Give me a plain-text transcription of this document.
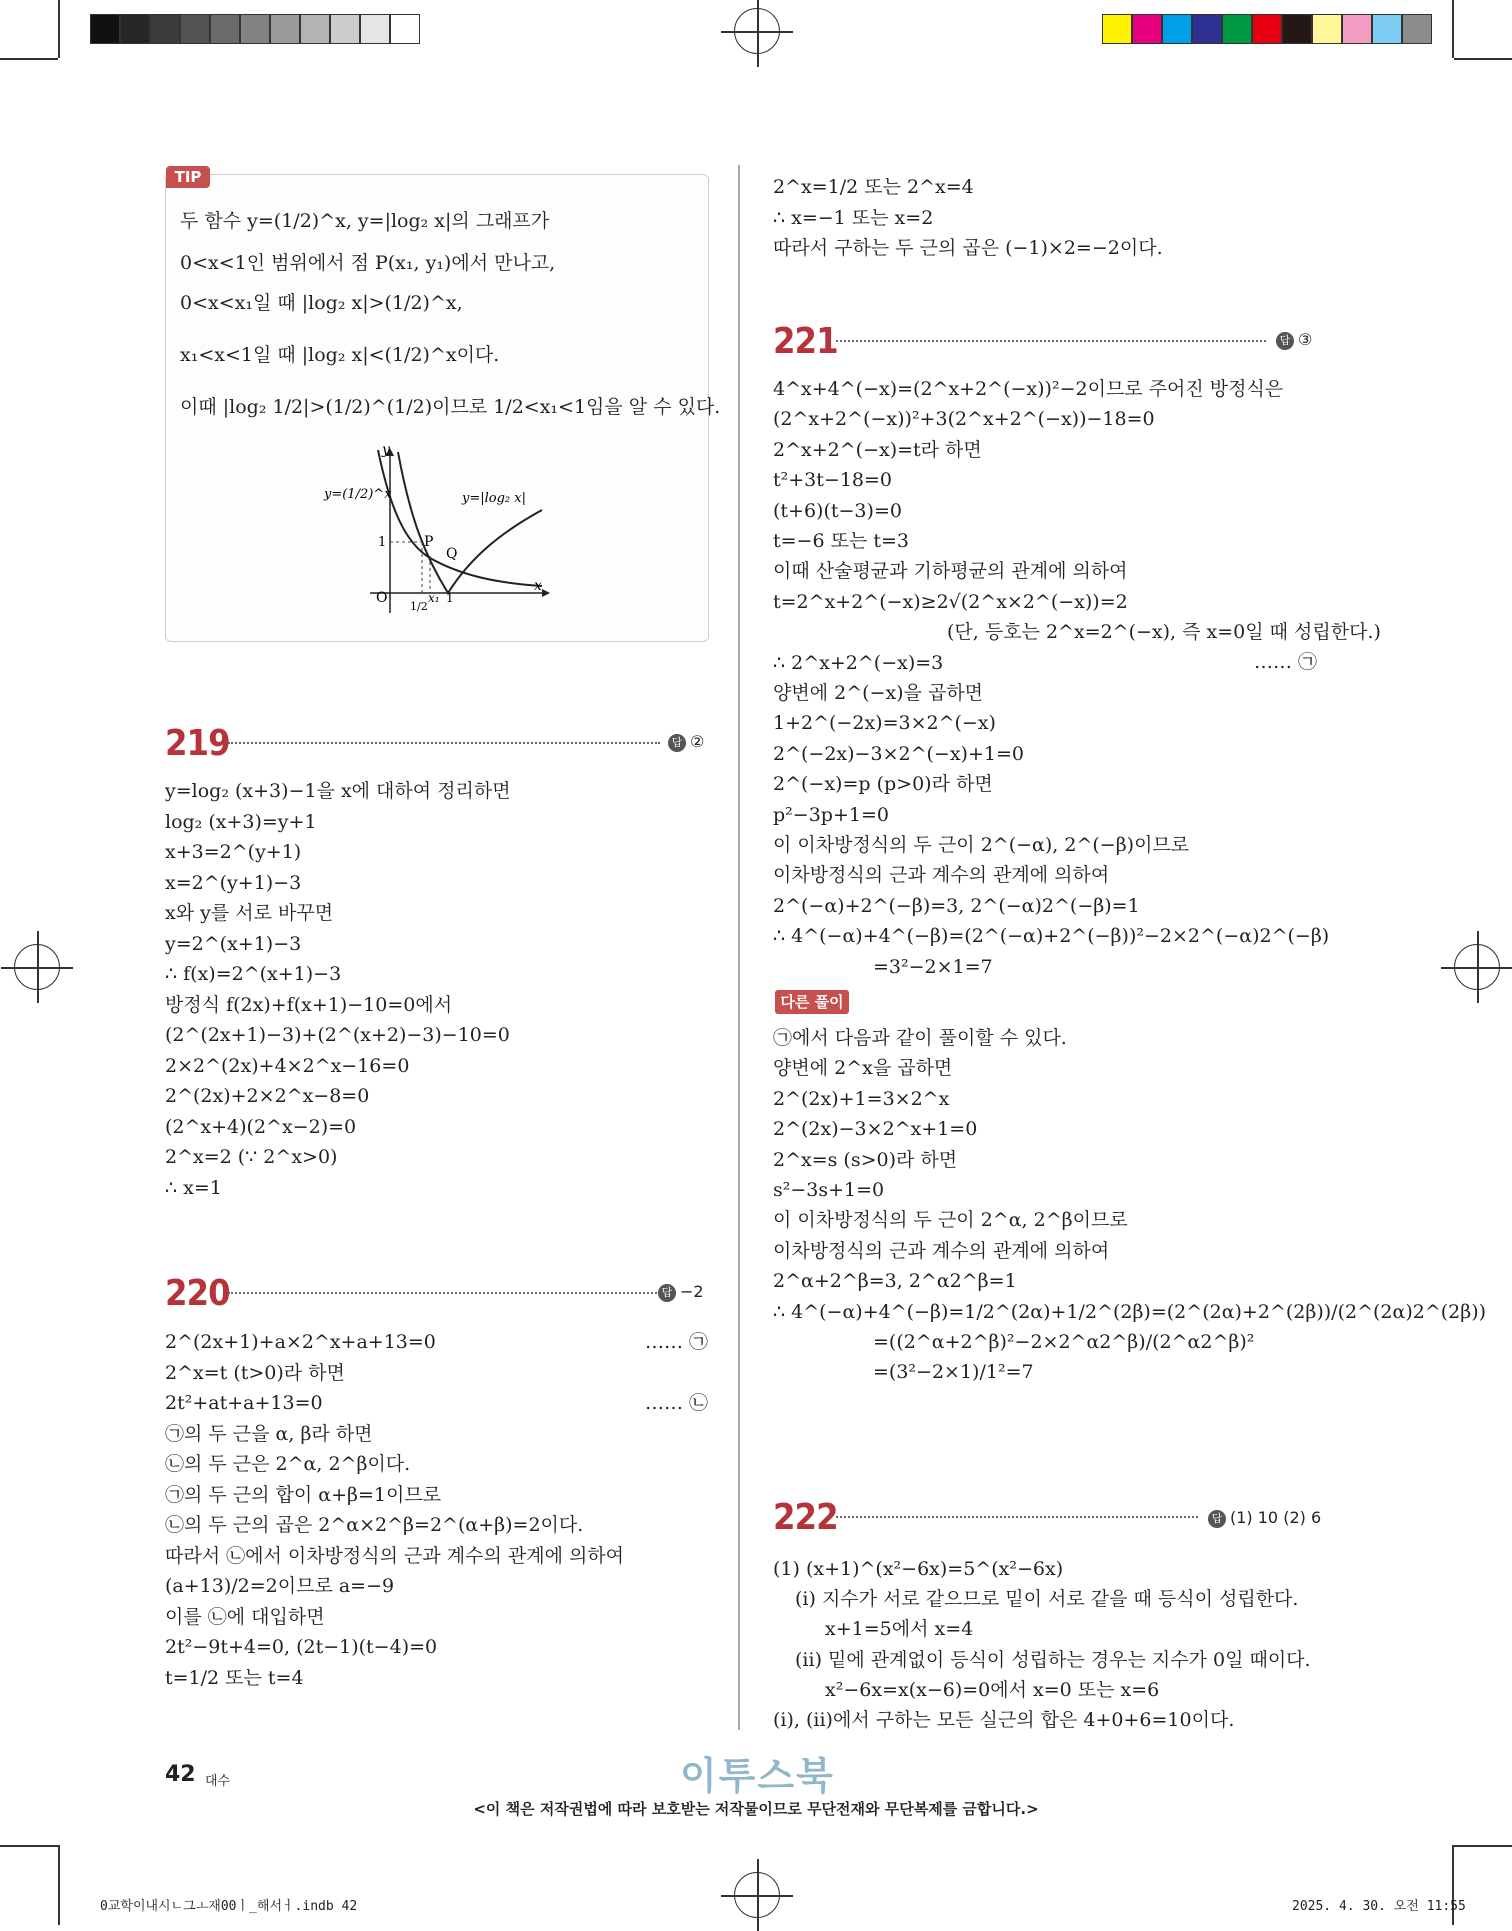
TIP
두 함수 y=(1/2)^x, y=|log₂ x|의 그래프가
0<x<1인 범위에서 점 P(x₁, y₁)에서 만나고,
0<x<x₁일 때 |log₂ x|>(1/2)^x,
x₁<x<1일 때 |log₂ x|<(1/2)^x이다.
이때 |log₂ 1/2|>(1/2)^(1/2)이므로 1/2<x₁<1임을 알 수 있다.
y
x
O
y=(1/2)^x	y=|log₂ x|
P
Q
1
1/2
x₁ 1
219	답 ②
y=log₂ (x+3)−1을 x에 대하여 정리하면
log₂ (x+3)=y+1
x+3=2^(y+1)
x=2^(y+1)−3
x와 y를 서로 바꾸면
y=2^(x+1)−3
∴ f(x)=2^(x+1)−3
방정식 f(2x)+f(x+1)−10=0에서
(2^(2x+1)−3)+(2^(x+2)−3)−10=0
2×2^(2x)+4×2^x−16=0
2^(2x)+2×2^x−8=0
(2^x+4)(2^x−2)=0
2^x=2 (∵ 2^x>0)
∴ x=1
220	답 −2
2^(2x+1)+a×2^x+a+13=0
2^x=t (t>0)라 하면
2t²+at+a+13=0
㉠의 두 근을 α, β라 하면
㉡의 두 근은 2^α, 2^β이다.
㉠의 두 근의 합이 α+β=1이므로
㉡의 두 근의 곱은 2^α×2^β=2^(α+β)=2이다.
따라서 ㉡에서 이차방정식의 근과 계수의 관계에 의하여
(a+13)/2=2이므로 a=−9
이를 ㉡에 대입하면
2t²−9t+4=0, (2t−1)(t−4)=0
t=1/2 또는 t=4
…… ㉠
…… ㉡
2^x=1/2 또는 2^x=4
∴ x=−1 또는 x=2
따라서 구하는 두 근의 곱은 (−1)×2=−2이다.
221	답 ③
4^x+4^(−x)=(2^x+2^(−x))²−2이므로 주어진 방정식은
(2^x+2^(−x))²+3(2^x+2^(−x))−18=0
2^x+2^(−x)=t라 하면
t²+3t−18=0
(t+6)(t−3)=0
t=−6 또는 t=3
이때 산술평균과 기하평균의 관계에 의하여
t=2^x+2^(−x)≥2√(2^x×2^(−x))=2
(단, 등호는 2^x=2^(−x), 즉 x=0일 때 성립한다.)
∴ 2^x+2^(−x)=3
양변에 2^(−x)을 곱하면
1+2^(−2x)=3×2^(−x)
2^(−2x)−3×2^(−x)+1=0
2^(−x)=p (p>0)라 하면
p²−3p+1=0
이 이차방정식의 두 근이 2^(−α), 2^(−β)이므로
이차방정식의 근과 계수의 관계에 의하여
2^(−α)+2^(−β)=3, 2^(−α)2^(−β)=1
∴ 4^(−α)+4^(−β)=(2^(−α)+2^(−β))²−2×2^(−α)2^(−β)
=3²−2×1=7
…… ㉠
다른 풀이
㉠에서 다음과 같이 풀이할 수 있다.
양변에 2^x을 곱하면
2^(2x)+1=3×2^x
2^(2x)−3×2^x+1=0
2^x=s (s>0)라 하면
s²−3s+1=0
이 이차방정식의 두 근이 2^α, 2^β이므로
이차방정식의 근과 계수의 관계에 의하여
2^α+2^β=3, 2^α2^β=1
∴ 4^(−α)+4^(−β)=1/2^(2α)+1/2^(2β)=(2^(2α)+2^(2β))/(2^(2α)2^(2β))
=((2^α+2^β)²−2×2^α2^β)/(2^α2^β)²
=(3²−2×1)/1²=7
222	답 (1) 10 (2) 6
(1) (x+1)^(x²−6x)=5^(x²−6x)
(i) 지수가 서로 같으므로 밑이 서로 같을 때 등식이 성립한다.
x+1=5에서 x=4
(ii) 밑에 관계없이 등식이 성립하는 경우는 지수가 0일 때이다.
x²−6x=x(x−6)=0에서 x=0 또는 x=6
(i), (ii)에서 구하는 모든 실근의 합은 4+0+6=10이다.
42 대수	이투스북
<이 책은 저작권법에 따라 보호받는 저작물이므로 무단전재와 무단복제를 금합니다.>
0교학이내시ㄴ그ㅗ재00ㅣ_해서ㅓ.indb 42	2025. 4. 30. 오전 11:55
